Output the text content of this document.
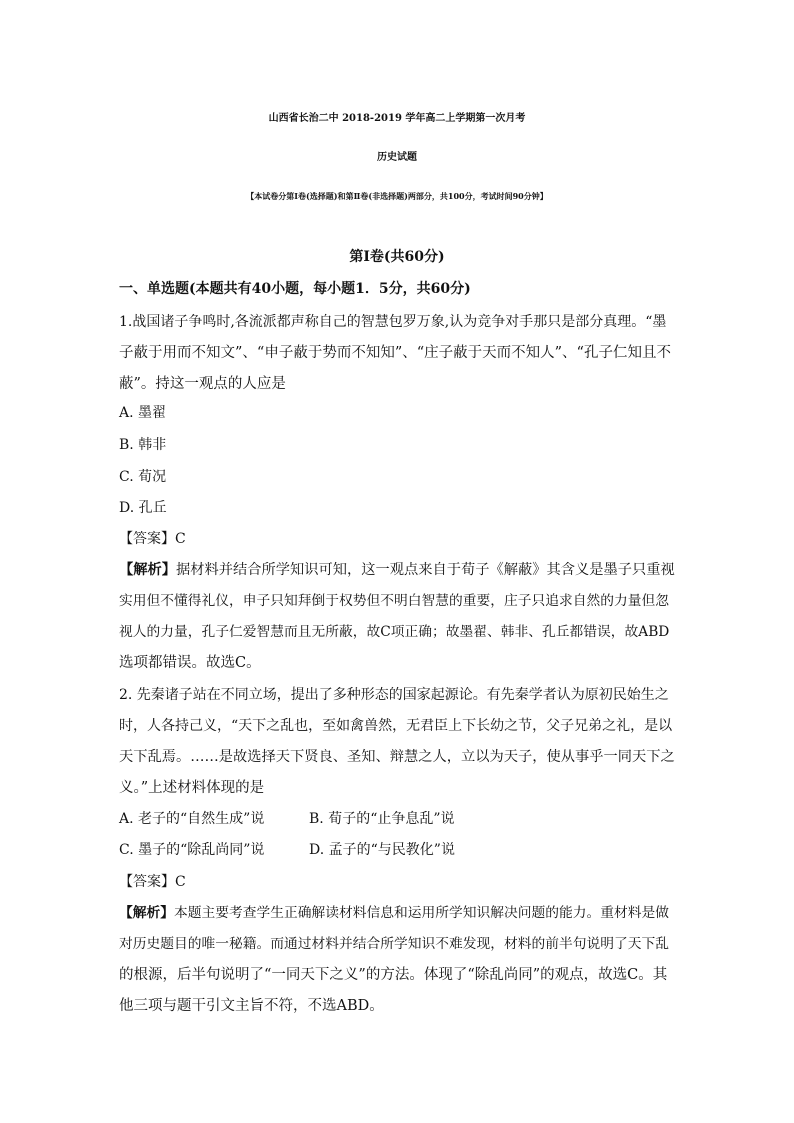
山西省长治二中 2018-2019 学年高二上学期第一次月考
历史试题
【本试卷分第Ⅰ卷(选择题)和第Ⅱ卷(非选择题)两部分，共100分，考试时间90分钟】
第Ⅰ卷(共60分)
一、单选题(本题共有40小题，每小题1．5分，共60分)
1.战国诸子争鸣时,各流派都声称自己的智慧包罗万象,认为竞争对手那只是部分真理。“墨
子蔽于用而不知文”、“申子蔽于势而不知知”、“庄子蔽于天而不知人”、“孔子仁知且不
蔽”。持这一观点的人应是
A. 墨翟
B. 韩非
C. 荀况
D. 孔丘
【答案】C
【解析】据材料并结合所学知识可知，这一观点来自于荀子《解蔽》其含义是墨子只重视
实用但不懂得礼仪，申子只知拜倒于权势但不明白智慧的重要，庄子只追求自然的力量但忽
视人的力量，孔子仁爱智慧而且无所蔽，故C项正确；故墨翟、韩非、孔丘都错误，故ABD
选项都错误。故选C。
2. 先秦诸子站在不同立场，提出了多种形态的国家起源论。有先秦学者认为原初民始生之
时，人各持己义，“天下之乱也，至如禽兽然，无君臣上下长幼之节，父子兄弟之礼，是以
天下乱焉。……是故选择天下贤良、圣知、辩慧之人，立以为天子，使从事乎一同天下之
义。”上述材料体现的是
A. 老子的“自然生成”说	B. 荀子的“止争息乱”说
C. 墨子的“除乱尚同”说	D. 孟子的“与民教化”说
【答案】C
【解析】本题主要考查学生正确解读材料信息和运用所学知识解决问题的能力。重材料是做
对历史题目的唯一秘籍。而通过材料并结合所学知识不难发现，材料的前半句说明了天下乱
的根源，后半句说明了“一同天下之义”的方法。体现了“除乱尚同”的观点，故选C。其
他三项与题干引文主旨不符，不选ABD。
